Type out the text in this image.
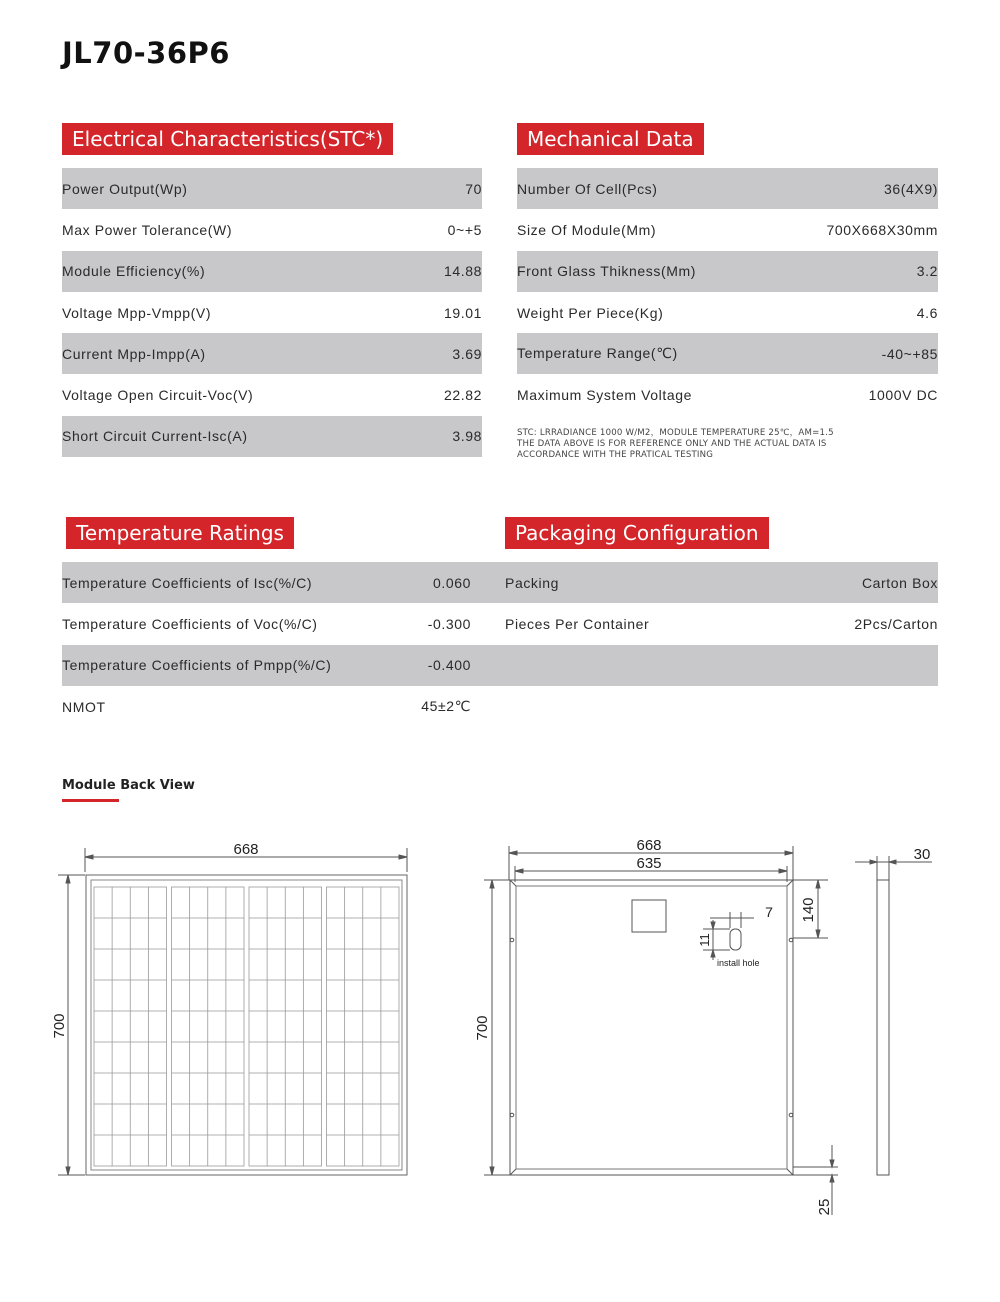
JL70-36P6
Electrical Characteristics(STC*)
Power Output(Wp)	70
Max Power Tolerance(W)	0~+5
Module Efficiency(%)	14.88
Voltage Mpp-Vmpp(V)	19.01
Current Mpp-Impp(A)	3.69
Voltage Open Circuit-Voc(V)	22.82
Short Circuit Current-Isc(A)	3.98
Mechanical Data
Number Of Cell(Pcs)	36(4X9)
Size Of Module(Mm)	700X668X30mm
Front Glass Thikness(Mm)	3.2
Weight Per Piece(Kg)	4.6
Temperature Range(℃)	-40~+85
Maximum System Voltage	1000V DC
STC: LRRADIANCE 1000 W/M2，MODULE TEMPERATURE 25℃，AM=1.5
THE DATA ABOVE IS FOR REFERENCE ONLY AND THE ACTUAL DATA IS
ACCORDANCE WITH THE PRATICAL TESTING
Temperature Ratings	Packaging Configuration
Temperature Coefficients of Isc(%/C)	0.060
Temperature Coefficients of Voc(%/C)	-0.300
Temperature Coefficients of Pmpp(%/C)	-0.400
NMOT	45±2℃
Packing	Carton Box
Pieces Per Container	2Pcs/Carton
Module Back View
668
700
668
635
700
140
7
11
install hole
25
30
